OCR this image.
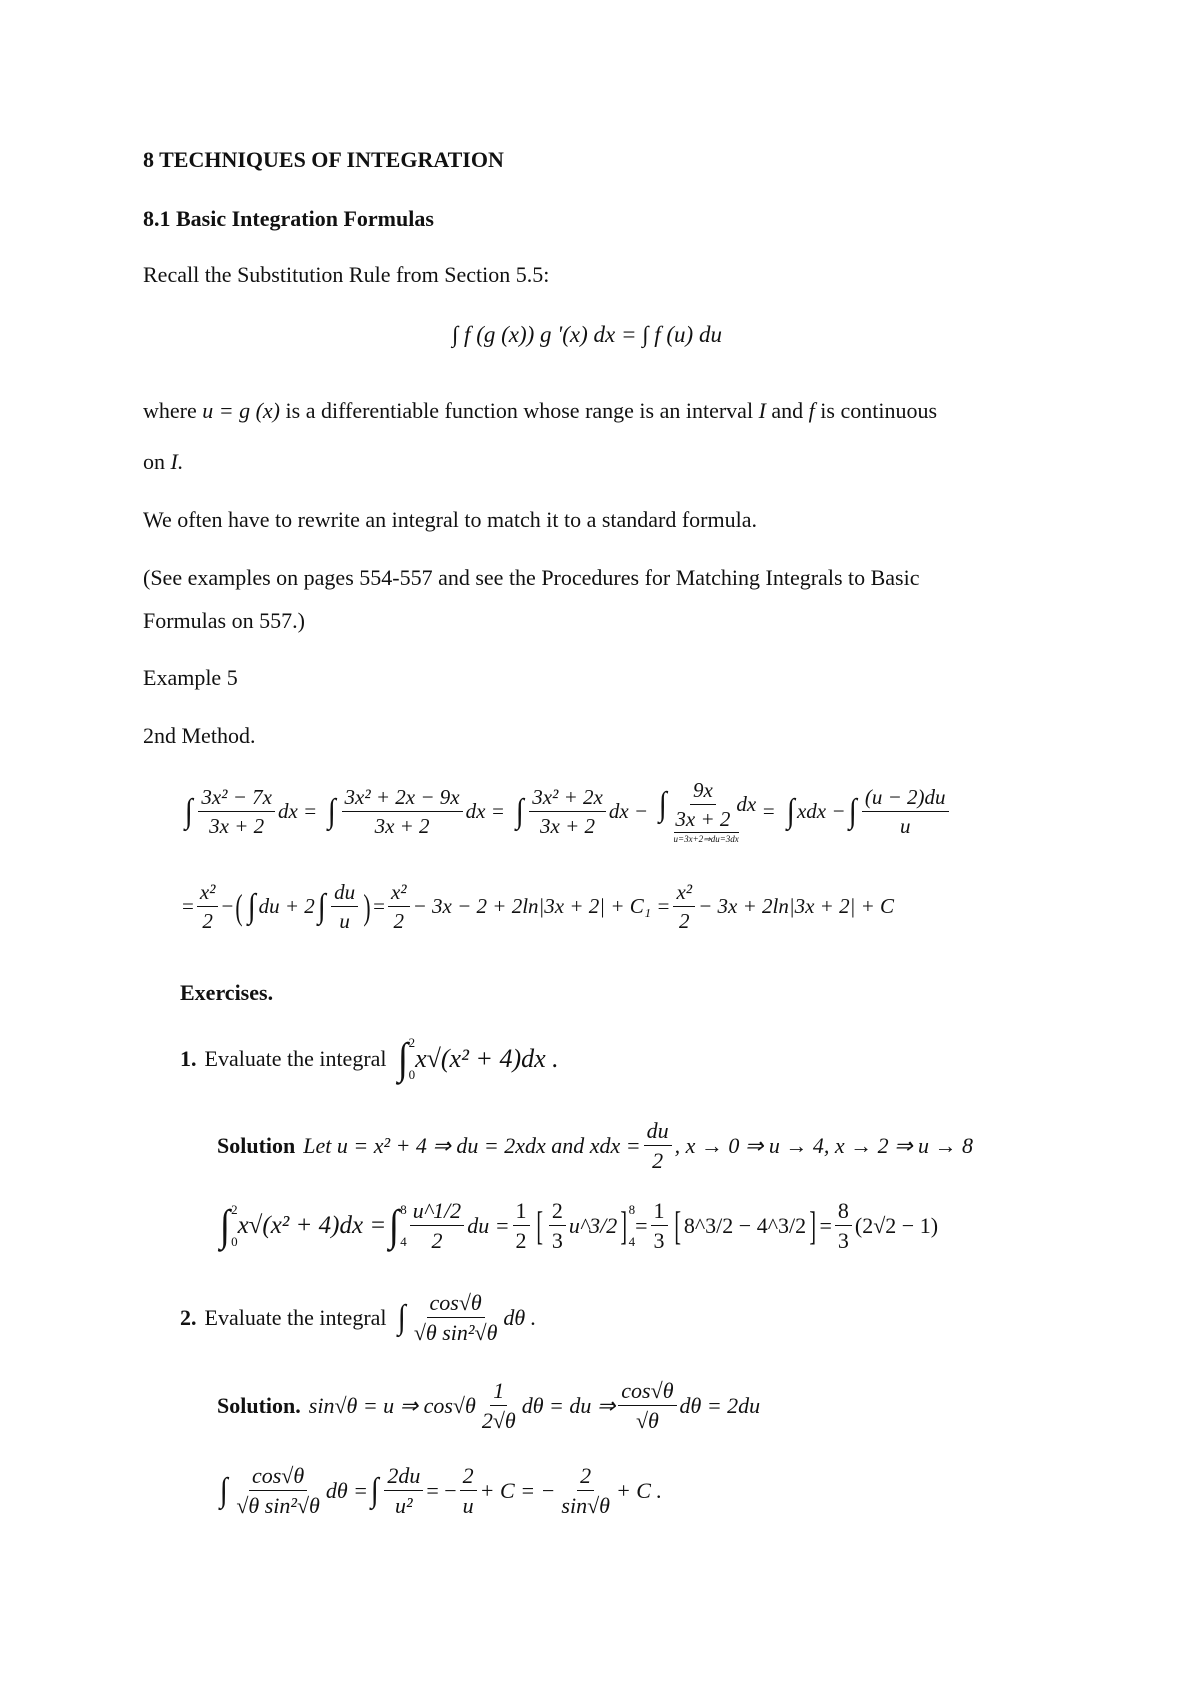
8 TECHNIQUES OF INTEGRATION
8.1 Basic Integration Formulas
Recall the Substitution Rule from Section 5.5:
∫ f (g (x)) g '(x) dx = ∫ f (u) du
where u = g (x) is a differentiable function whose range is an interval I and f is continuous
on I.
We often have to rewrite an integral to match it to a standard formula.
(See examples on pages 554-557 and see the Procedures for Matching Integrals to Basic
Formulas on 557.)
Example 5
2nd Method.
∫ $\frac{\text{3x² − 7x}}{3x + 2}$ dx = ∫ $\frac{\text{3x² + 2x − 9x}}{3x + 2}$ dx = ∫ $\frac{\text{3x² + 2x}}{3x + 2}$ dx − ∫ $\frac{9x}{3x + 2}$ dx
u=3x+2⇒du=3dx
= ∫ xdx − ∫ $\frac{(u - 2)du}{u}$
= $\frac{\text{x²}}{2}$ − ( ∫ du + 2 ∫ $\frac{du}{u}$ ) = $\frac{\text{x²}}{2} - 3x - 2 + 2\ln|3x + 2| + C_1 = \frac{\text{x²}}{2} - 3x + 2\ln|3x + 2| + C$
Exercises.
1. Evaluate the integral ∫ 2
0
x√(x² + 4)dx .
Solution Let u = x² + 4 ⇒ du = 2xdx and xdx = $\frac{du}{2}$ , x → 0 ⇒ u → 4, x → 2 ⇒ u → 8
∫ 2
0
x√(x² + 4)dx = ∫ 8
$4 \frac{u\^{}1/2}{2}$ du = $\frac{1}{2}$ [ $\frac{2}{3}$ u^3/2 ] 8
4
= $\frac{1}{3}$ [ 8^3/2 − 4^3/2 ] = $\frac{8}{3} (2√2 - 1)$
2. Evaluate the integral ∫ $\frac{\cos√\theta}{\text{√θ sin²√θ}}$ dθ .
Solution. sin√θ = u ⇒ $\cos√\theta \frac{1}{2√\theta}$ dθ = du ⇒ $\frac{\cos√\theta}{√\theta}$ dθ = 2du
∫ $\frac{\cos√\theta}{\text{√θ sin²√θ}}$ dθ = ∫ $\frac{2du}{\text{u²}}$ = − $\frac{2}{u} + C$ = − $\frac{2}{\sin√\theta} + C$ .
